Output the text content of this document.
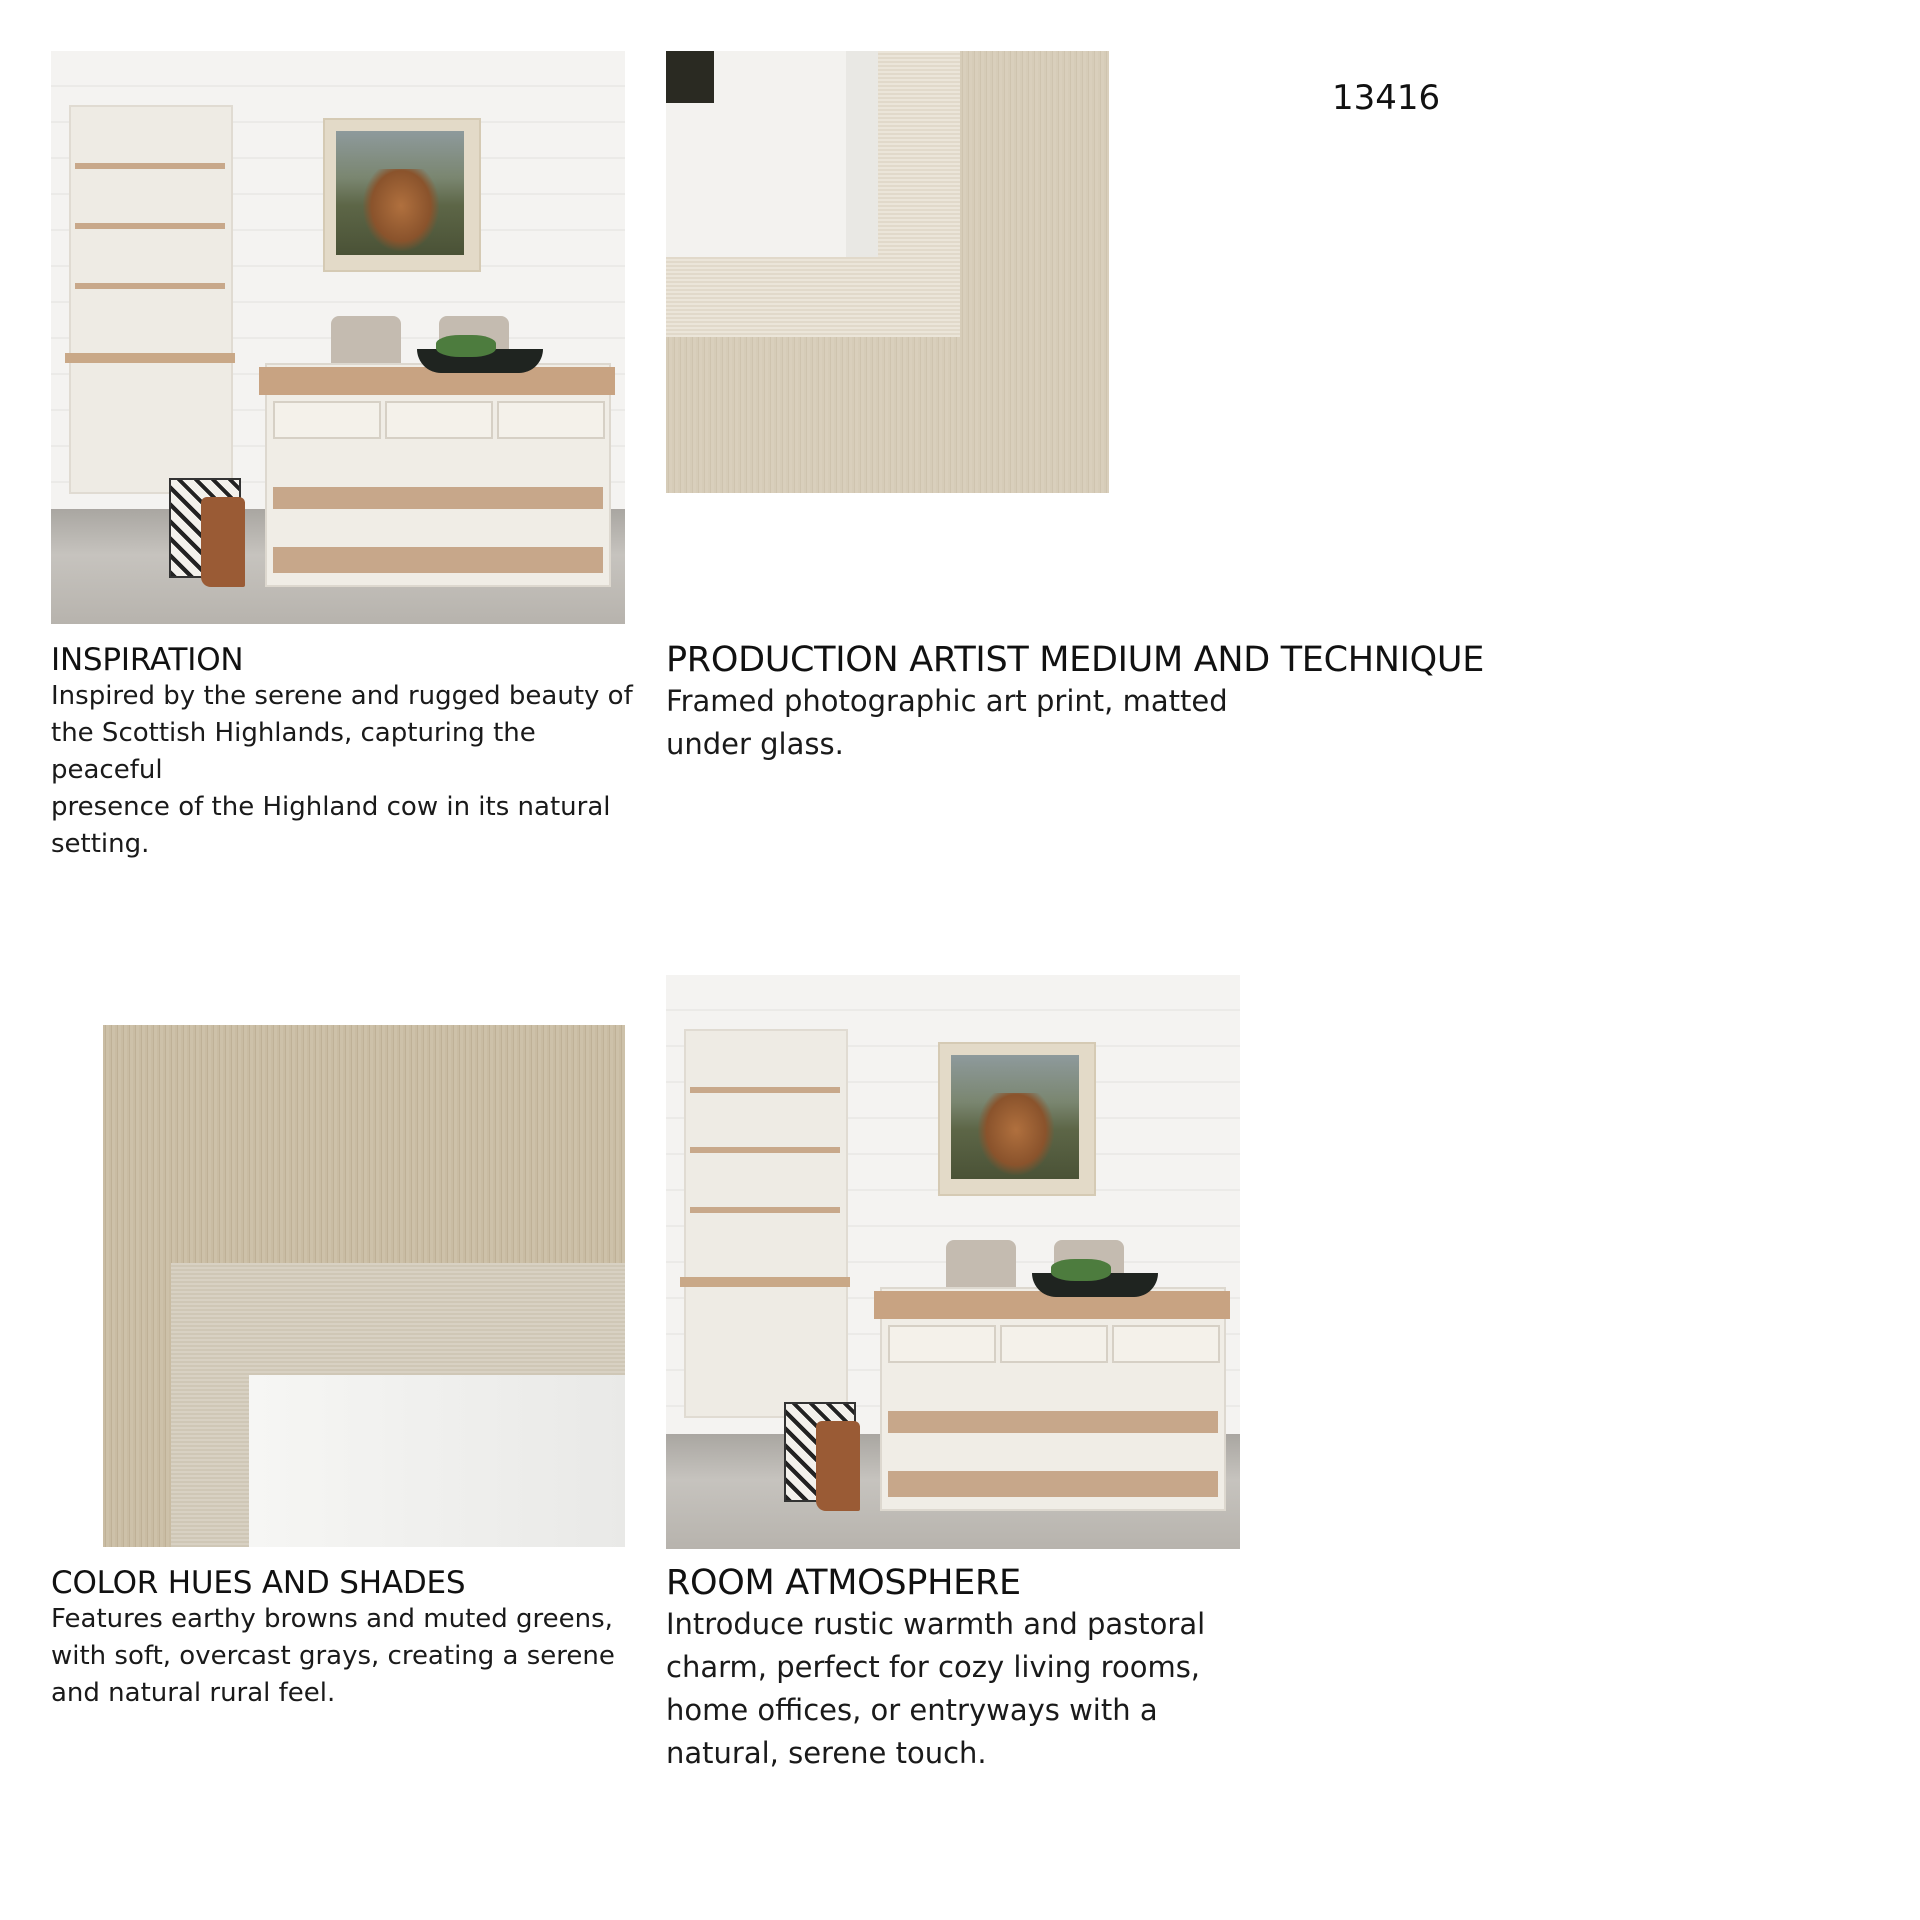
13416
INSPIRATION

Inspired by the serene and rugged beauty of

the Scottish Highlands, capturing the peaceful

presence of the Highland cow in its natural

setting.

PRODUCTION ARTIST MEDIUM AND TECHNIQUE

Framed photographic art print, matted

under glass.

COLOR HUES AND SHADES

Features earthy browns and muted greens,

with soft, overcast grays, creating a serene

and natural rural feel.

ROOM ATMOSPHERE

Introduce rustic warmth and pastoral

charm, perfect for cozy living rooms,

home offices, or entryways with a

natural, serene touch.
